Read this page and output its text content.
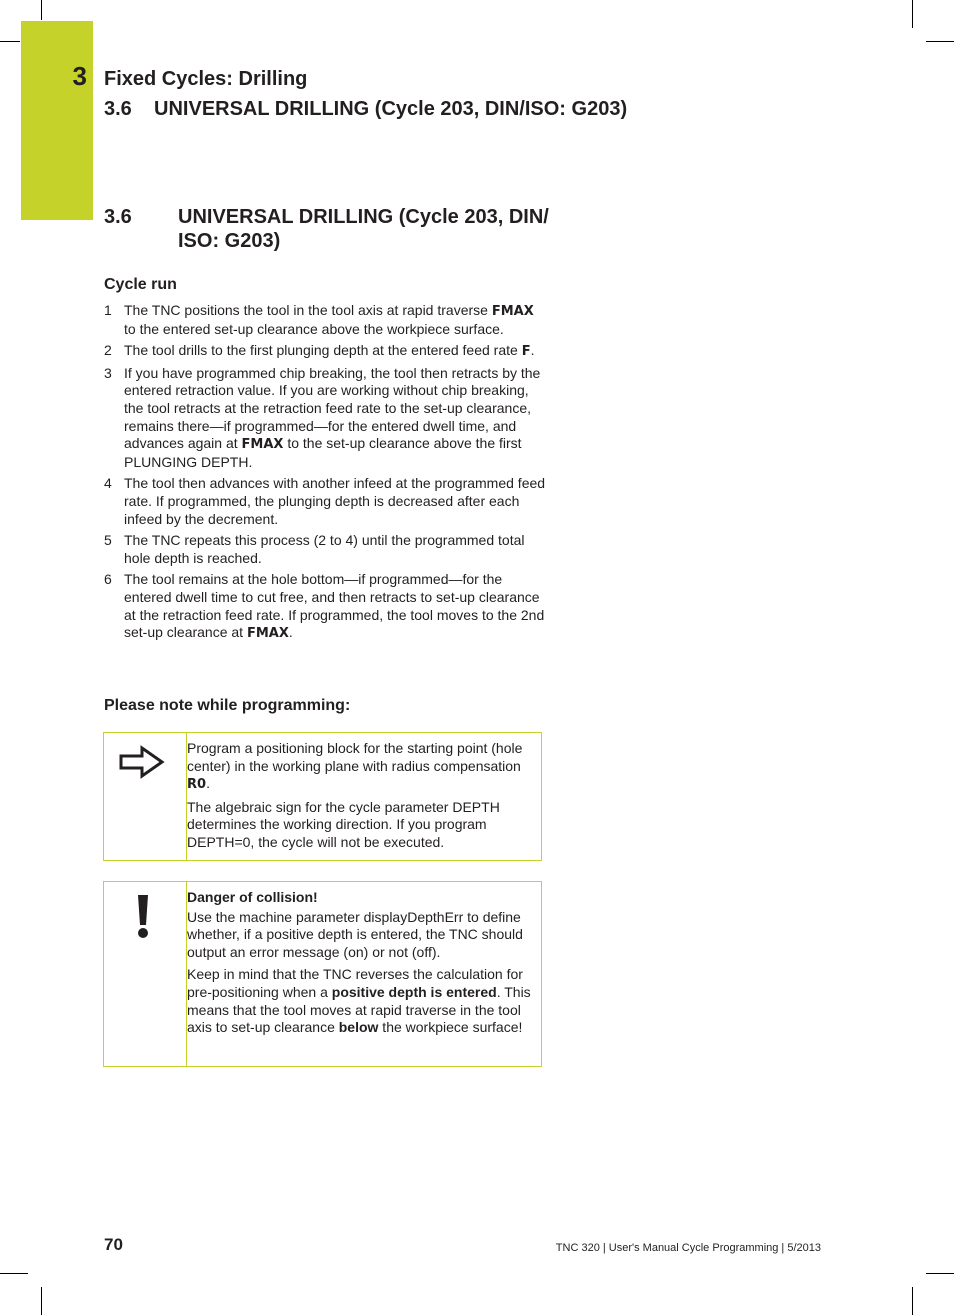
3 Fixed Cycles: Drilling
3.6    UNIVERSAL DRILLING (Cycle 203, DIN/ISO: G203)
3.6 UNIVERSAL DRILLING (Cycle 203, DIN/ ISO: G203)
Cycle run
1 The TNC positions the tool in the tool axis at rapid traverse FMAX to the entered set-up clearance above the workpiece surface.
2 The tool drills to the first plunging depth at the entered feed rate F.
3 If you have programmed chip breaking, the tool then retracts by the entered retraction value. If you are working without chip breaking, the tool retracts at the retraction feed rate to the set-up clearance, remains there—if programmed—for the entered dwell time, and advances again at FMAX to the set-up clearance above the first PLUNGING DEPTH.
4 The tool then advances with another infeed at the programmed feed rate. If programmed, the plunging depth is decreased after each infeed by the decrement.
5 The TNC repeats this process (2 to 4) until the programmed total hole depth is reached.
6 The tool remains at the hole bottom—if programmed—for the entered dwell time to cut free, and then retracts to set-up clearance at the retraction feed rate. If programmed, the tool moves to the 2nd set-up clearance at FMAX.
Please note while programming:

Program a positioning block for the starting point (hole center) in the working plane with radius compensation R0.

The algebraic sign for the cycle parameter DEPTH determines the working direction. If you program DEPTH=0, the cycle will not be executed.

Danger of collision!

Use the machine parameter displayDepthErr to define whether, if a positive depth is entered, the TNC should output an error message (on) or not (off).

Keep in mind that the TNC reverses the calculation for pre-positioning when a positive depth is entered. This means that the tool moves at rapid traverse in the tool axis to set-up clearance below the workpiece surface!

70	TNC 320 | User's Manual Cycle Programming | 5/2013
